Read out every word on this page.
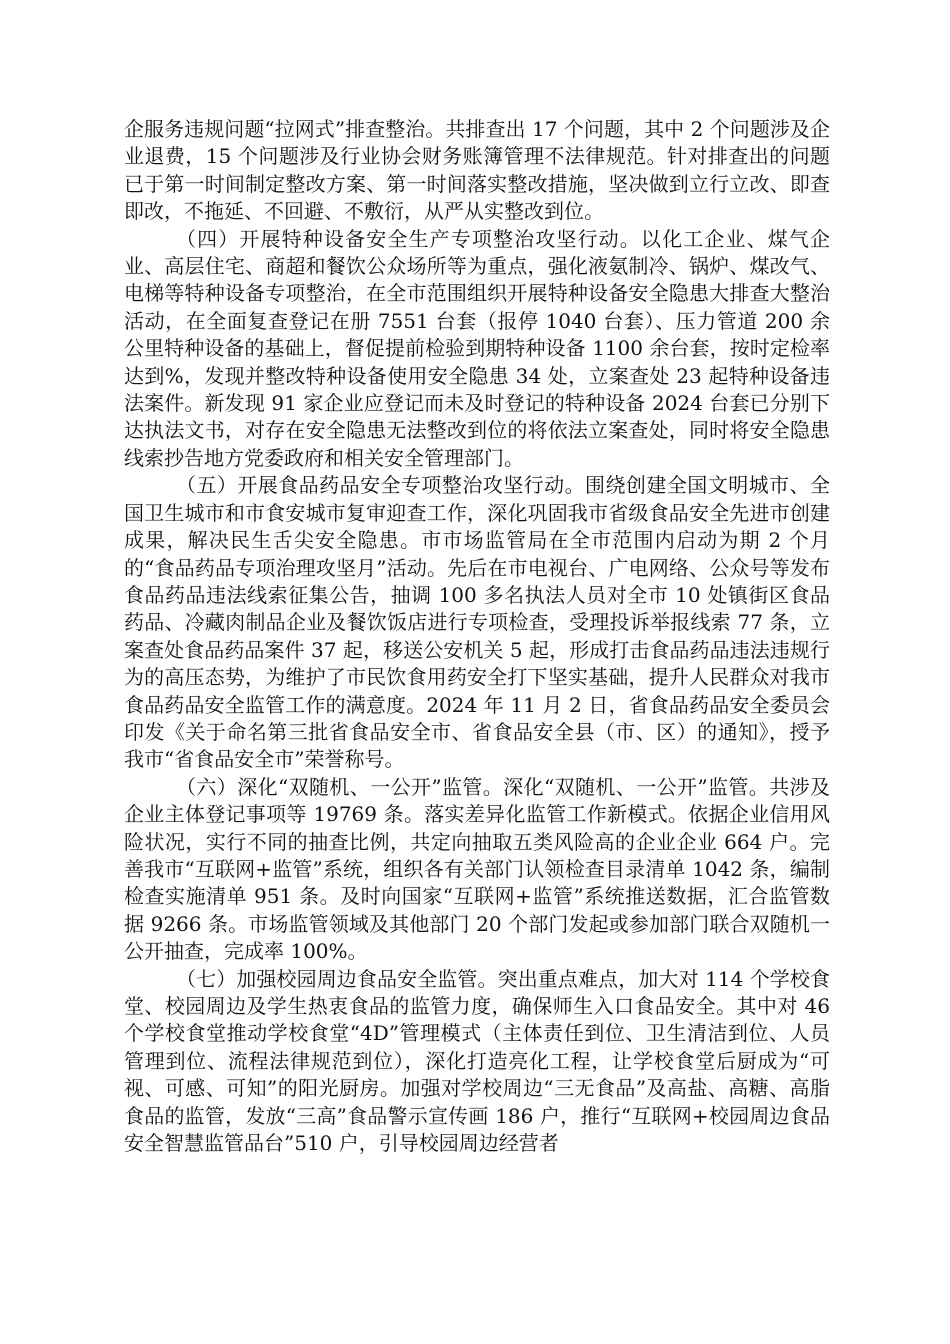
企服务违规问题“拉网式”排查整治。共排查出 17 个问题，其中 2 个问题涉及企业退费，15 个问题涉及行业协会财务账簿管理不法律规范。针对排查出的问题已于第一时间制定整改方案、第一时间落实整改措施，坚决做到立行立改、即查即改，不拖延、不回避、不敷衍，从严从实整改到位。

（四）开展特种设备安全生产专项整治攻坚行动。以化工企业、煤气企业、高层住宅、商超和餐饮公众场所等为重点，强化液氨制冷、锅炉、煤改气、电梯等特种设备专项整治，在全市范围组织开展特种设备安全隐患大排查大整治活动，在全面复查登记在册 7551 台套（报停 1040 台套）、压力管道 200 余公里特种设备的基础上，督促提前检验到期特种设备 1100 余台套，按时定检率达到%，发现并整改特种设备使用安全隐患 34 处，立案查处 23 起特种设备违法案件。新发现 91 家企业应登记而未及时登记的特种设备 2024 台套已分别下达执法文书，对存在安全隐患无法整改到位的将依法立案查处，同时将安全隐患线索抄告地方党委政府和相关安全管理部门。

（五）开展食品药品安全专项整治攻坚行动。围绕创建全国文明城市、全国卫生城市和市食安城市复审迎查工作，深化巩固我市省级食品安全先进市创建成果，解决民生舌尖安全隐患。市市场监管局在全市范围内启动为期 2 个月的“食品药品专项治理攻坚月”活动。先后在市电视台、广电网络、公众号等发布食品药品违法线索征集公告，抽调 100 多名执法人员对全市 10 处镇街区食品药品、冷藏肉制品企业及餐饮饭店进行专项检查，受理投诉举报线索 77 条，立案查处食品药品案件 37 起，移送公安机关 5 起，形成打击食品药品违法违规行为的高压态势，为维护了市民饮食用药安全打下坚实基础，提升人民群众对我市食品药品安全监管工作的满意度。2024 年 11 月 2 日，省食品药品安全委员会印发《关于命名第三批省食品安全市、省食品安全县（市、区）的通知》，授予我市“省食品安全市”荣誉称号。

（六）深化“双随机、一公开”监管。深化“双随机、一公开”监管。共涉及企业主体登记事项等 19769 条。落实差异化监管工作新模式。依据企业信用风险状况，实行不同的抽查比例，共定向抽取五类风险高的企业企业 664 户。完善我市“互联网+监管”系统，组织各有关部门认领检查目录清单 1042 条，编制检查实施清单 951 条。及时向国家“互联网+监管”系统推送数据，汇合监管数据 9266 条。市场监管领域及其他部门 20 个部门发起或参加部门联合双随机一公开抽查，完成率 100%。

（七）加强校园周边食品安全监管。突出重点难点，加大对 114 个学校食堂、校园周边及学生热衷食品的监管力度，确保师生入口食品安全。其中对 46 个学校食堂推动学校食堂“4D”管理模式（主体责任到位、卫生清洁到位、人员管理到位、流程法律规范到位），深化打造亮化工程，让学校食堂后厨成为“可视、可感、可知”的阳光厨房。加强对学校周边“三无食品”及高盐、高糖、高脂食品的监管，发放“三高”食品警示宣传画 186 户，推行“互联网+校园周边食品安全智慧监管品台”510 户，引导校园周边经营者
